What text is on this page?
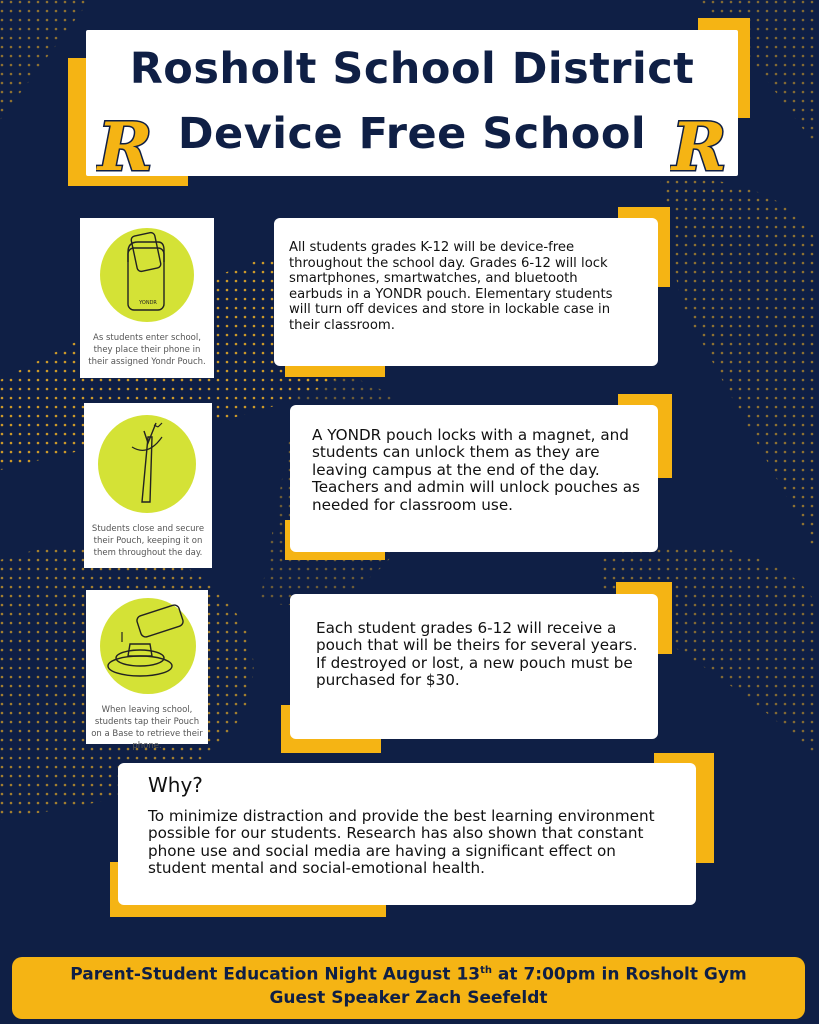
Rosholt School District
Device Free School
R	R
YONDR
As students enter school, they place their phone in their assigned Yondr Pouch.
All students grades K-12 will be device-free throughout the school day. Grades 6-12 will lock smartphones, smartwatches, and bluetooth earbuds in a YONDR pouch. Elementary students will turn off devices and store in lockable case in their classroom.
Students close and secure their Pouch, keeping it on them throughout the day.
A YONDR pouch locks with a magnet, and students can unlock them as they are leaving campus at the end of the day. Teachers and admin will unlock pouches as needed for classroom use.
When leaving school, students tap their Pouch on a Base to retrieve their phone.
Each student grades 6-12 will receive a pouch that will be theirs for several years. If destroyed or lost, a new pouch must be purchased for $30.
Why?
To minimize distraction and provide the best learning environment possible for our students. Research has also shown that constant phone use and social media are having a significant effect on student mental and social-emotional health.
Parent-Student Education Night August 13th at 7:00pm in Rosholt Gym
Guest Speaker Zach Seefeldt
